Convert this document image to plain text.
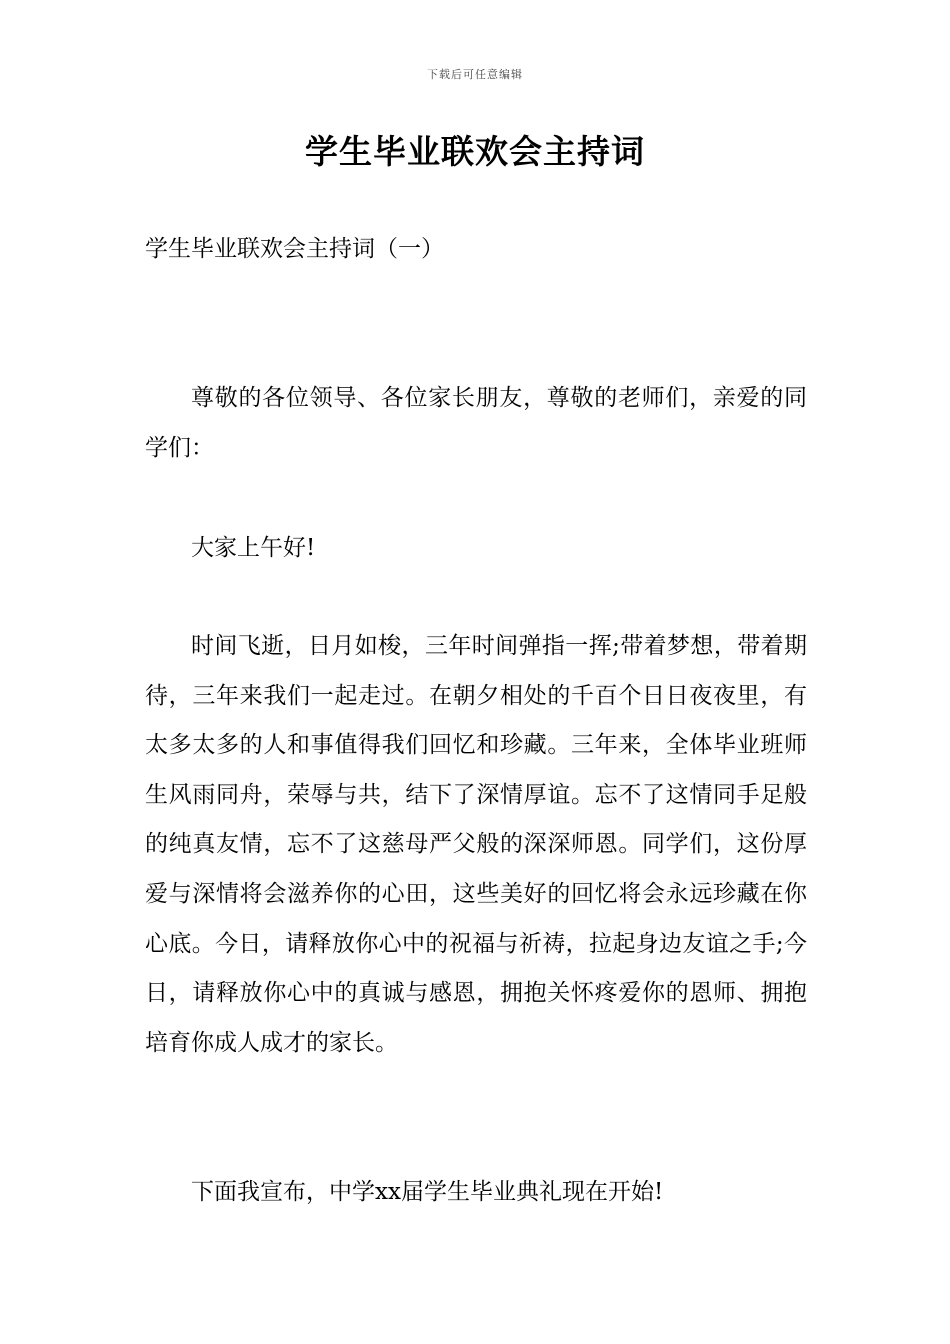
下载后可任意编辑
学生毕业联欢会主持词

学生毕业联欢会主持词（一）

尊敬的各位领导、各位家长朋友，尊敬的老师们，亲爱的同学们：

大家上午好!

时间飞逝，日月如梭，三年时间弹指一挥;带着梦想，带着期待，三年来我们一起走过。在朝夕相处的千百个日日夜夜里，有太多太多的人和事值得我们回忆和珍藏。三年来，全体毕业班师生风雨同舟，荣辱与共，结下了深情厚谊。忘不了这情同手足般的纯真友情，忘不了这慈母严父般的深深师恩。同学们，这份厚爱与深情将会滋养你的心田，这些美好的回忆将会永远珍藏在你心底。今日，请释放你心中的祝福与祈祷，拉起身边友谊之手;今日，请释放你心中的真诚与感恩，拥抱关怀疼爱你的恩师、拥抱培育你成人成才的家长。

下面我宣布，中学xx届学生毕业典礼现在开始!
